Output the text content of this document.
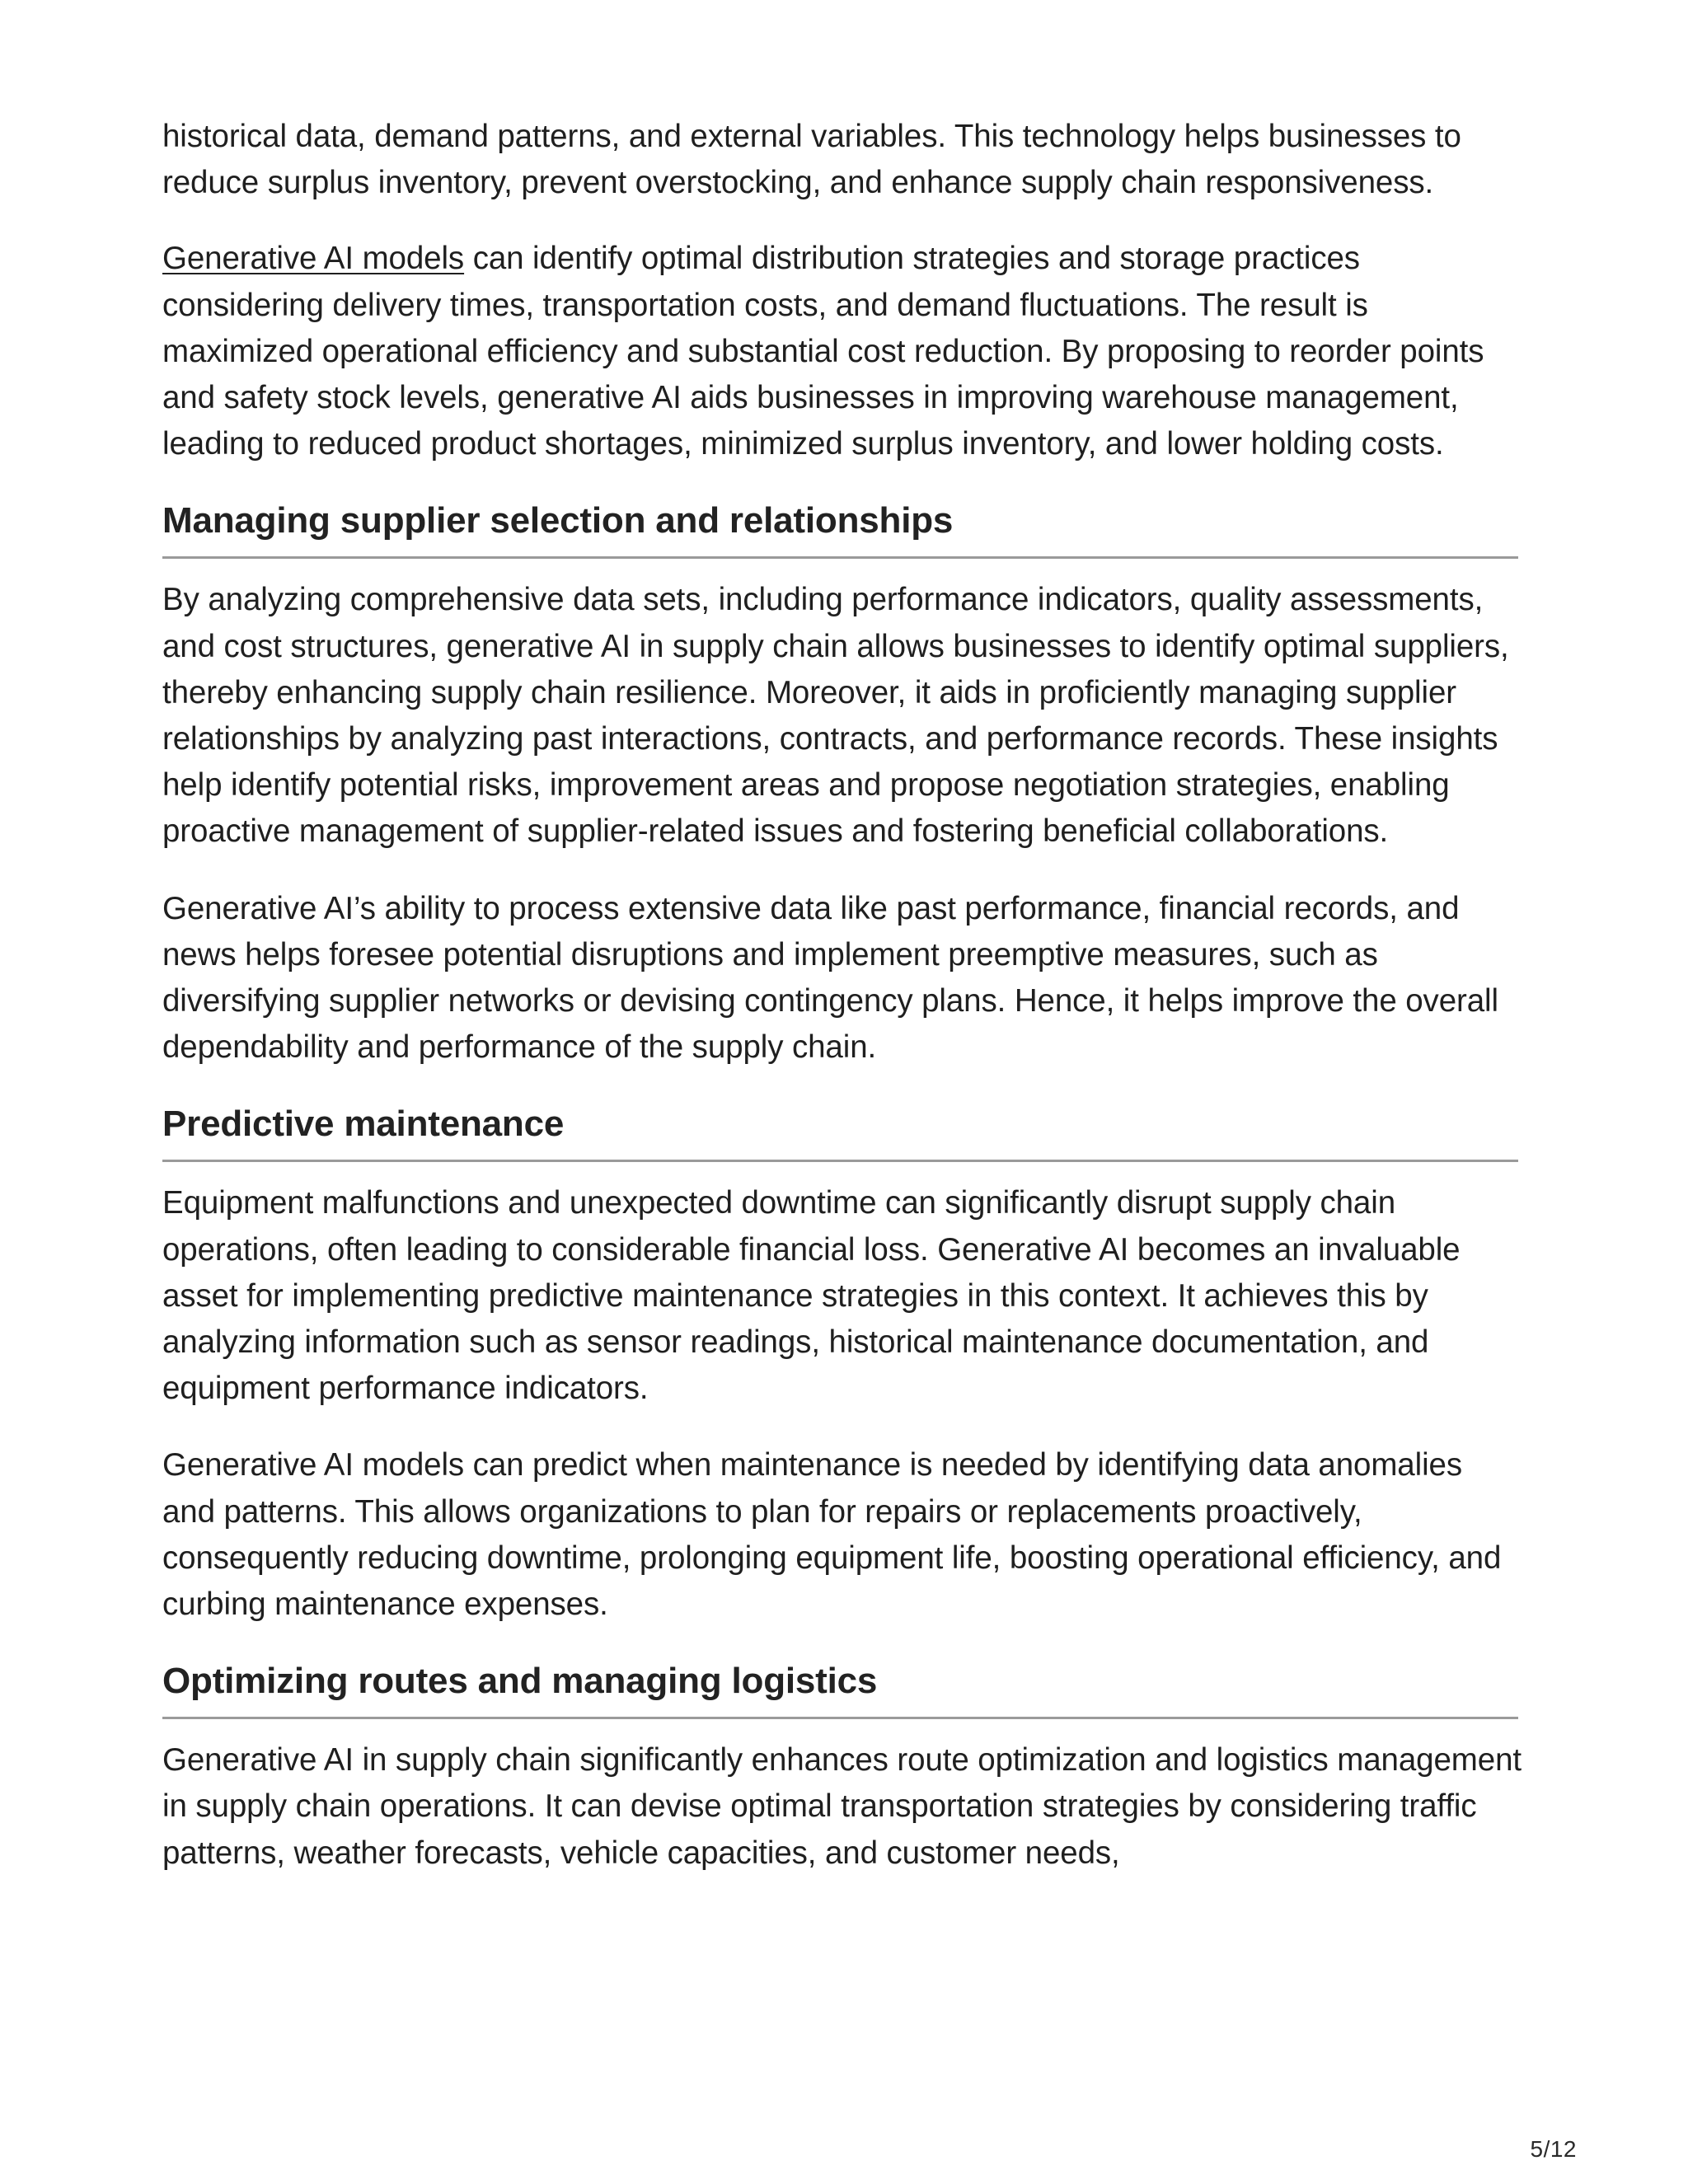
historical data, demand patterns, and external variables. This technology helps businesses to reduce surplus inventory, prevent overstocking, and enhance supply chain responsiveness.

Generative AI models can identify optimal distribution strategies and storage practices considering delivery times, transportation costs, and demand fluctuations. The result is maximized operational efficiency and substantial cost reduction. By proposing to reorder points and safety stock levels, generative AI aids businesses in improving warehouse management, leading to reduced product shortages, minimized surplus inventory, and lower holding costs.

Managing supplier selection and relationships

By analyzing comprehensive data sets, including performance indicators, quality assessments, and cost structures, generative AI in supply chain allows businesses to identify optimal suppliers, thereby enhancing supply chain resilience. Moreover, it aids in proficiently managing supplier relationships by analyzing past interactions, contracts, and performance records. These insights help identify potential risks, improvement areas and propose negotiation strategies, enabling proactive management of supplier-related issues and fostering beneficial collaborations.

Generative AI’s ability to process extensive data like past performance, financial records, and news helps foresee potential disruptions and implement preemptive measures, such as diversifying supplier networks or devising contingency plans. Hence, it helps improve the overall dependability and performance of the supply chain.

Predictive maintenance

Equipment malfunctions and unexpected downtime can significantly disrupt supply chain operations, often leading to considerable financial loss. Generative AI becomes an invaluable asset for implementing predictive maintenance strategies in this context. It achieves this by analyzing information such as sensor readings, historical maintenance documentation, and equipment performance indicators.

Generative AI models can predict when maintenance is needed by identifying data anomalies and patterns. This allows organizations to plan for repairs or replacements proactively, consequently reducing downtime, prolonging equipment life, boosting operational efficiency, and curbing maintenance expenses.

Optimizing routes and managing logistics

Generative AI in supply chain significantly enhances route optimization and logistics management in supply chain operations. It can devise optimal transportation strategies by considering traffic patterns, weather forecasts, vehicle capacities, and customer needs,

5/12
